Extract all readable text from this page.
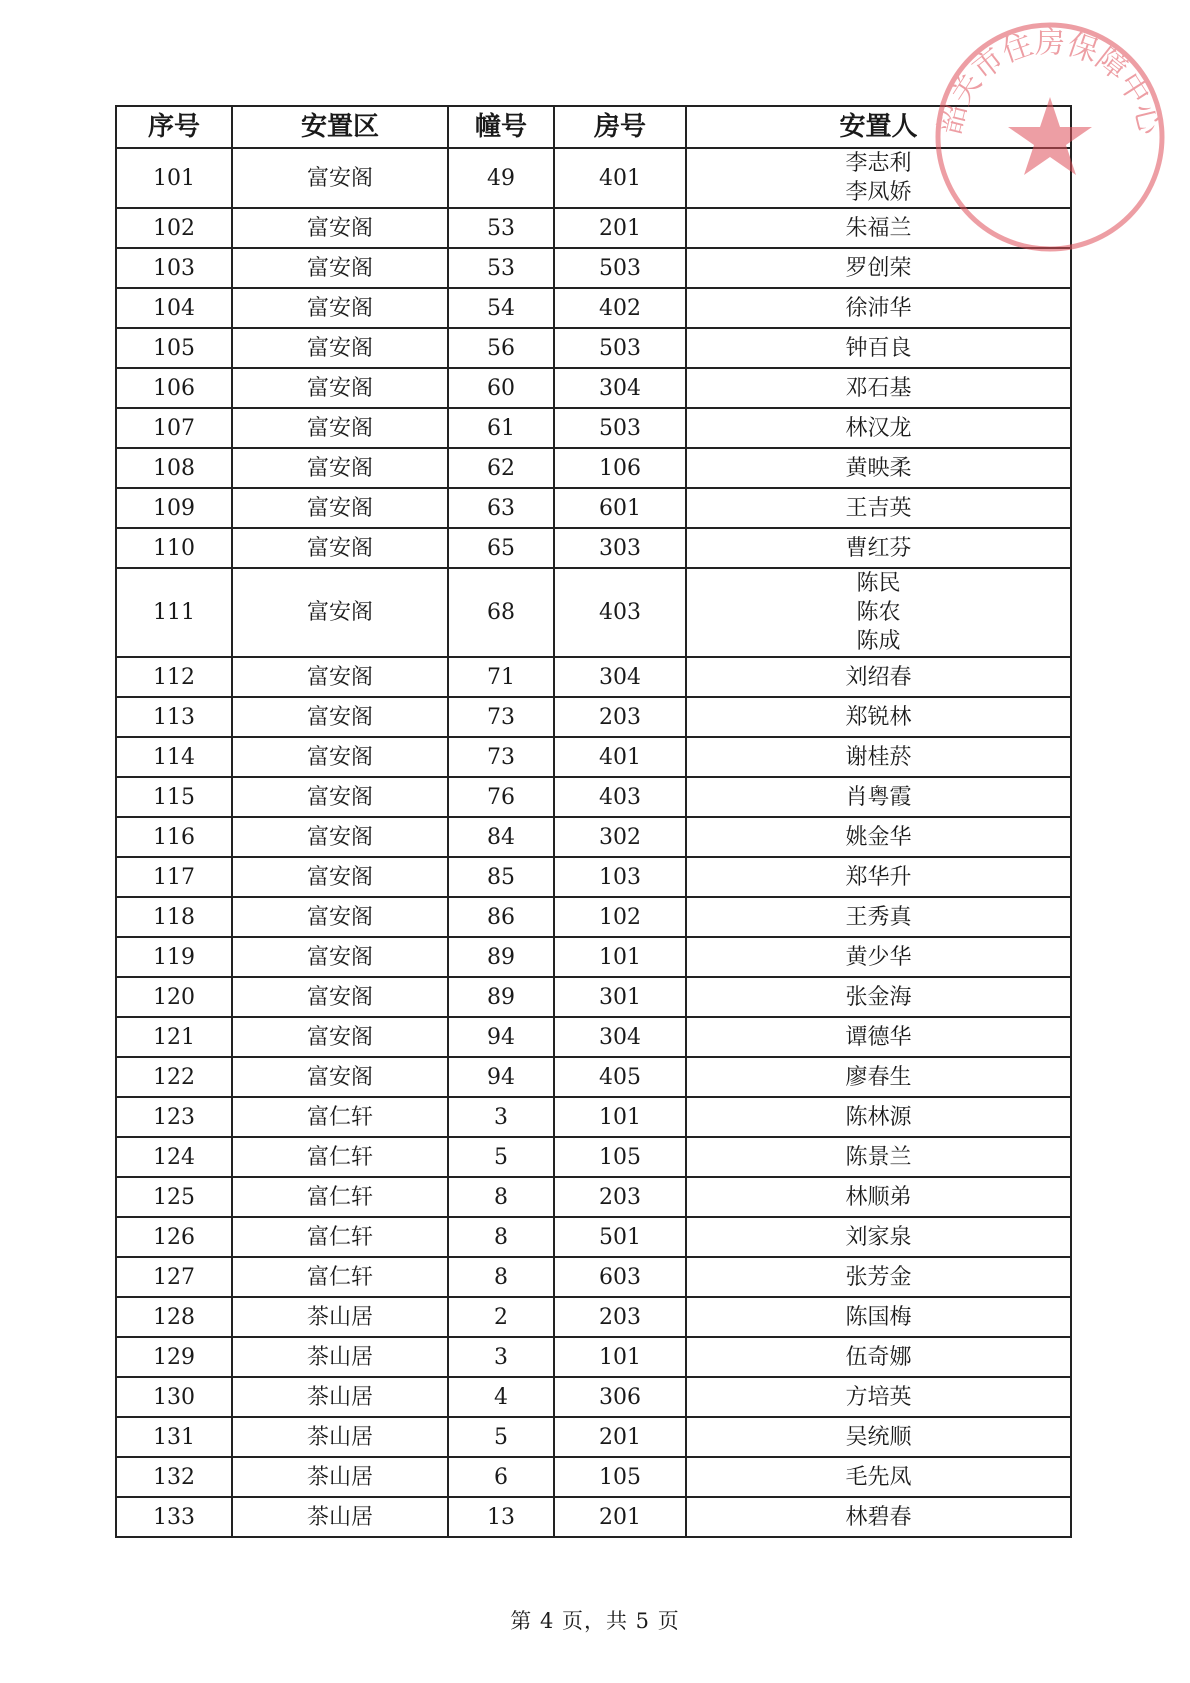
序号	安置区	幢号	房号	安置人
101	富安阁	49	401	李志利
李凤娇

102	富安阁	53	201	朱福兰

103	富安阁	53	503	罗创荣

104	富安阁	54	402	徐沛华

105	富安阁	56	503	钟百良

106	富安阁	60	304	邓石基

107	富安阁	61	503	林汉龙

108	富安阁	62	106	黄映柔

109	富安阁	63	601	王吉英

110	富安阁	65	303	曹红芬

111	富安阁	68	403	陈民
陈农
陈成

112	富安阁	71	304	刘绍春

113	富安阁	73	203	郑锐林

114	富安阁	73	401	谢桂菸

115	富安阁	76	403	肖粤霞

116	富安阁	84	302	姚金华

117	富安阁	85	103	郑华升

118	富安阁	86	102	王秀真

119	富安阁	89	101	黄少华

120	富安阁	89	301	张金海

121	富安阁	94	304	谭德华

122	富安阁	94	405	廖春生

123	富仁轩	3	101	陈林源

124	富仁轩	5	105	陈景兰

125	富仁轩	8	203	林顺弟

126	富仁轩	8	501	刘家泉

127	富仁轩	8	603	张芳金

128	茶山居	2	203	陈国梅

129	茶山居	3	101	伍奇娜

130	茶山居	4	306	方培英

131	茶山居	5	201	吴统顺

132	茶山居	6	105	毛先凤

133	茶山居	13	201	林碧春
韶关市住房保障中心
第 4 页，共 5 页
